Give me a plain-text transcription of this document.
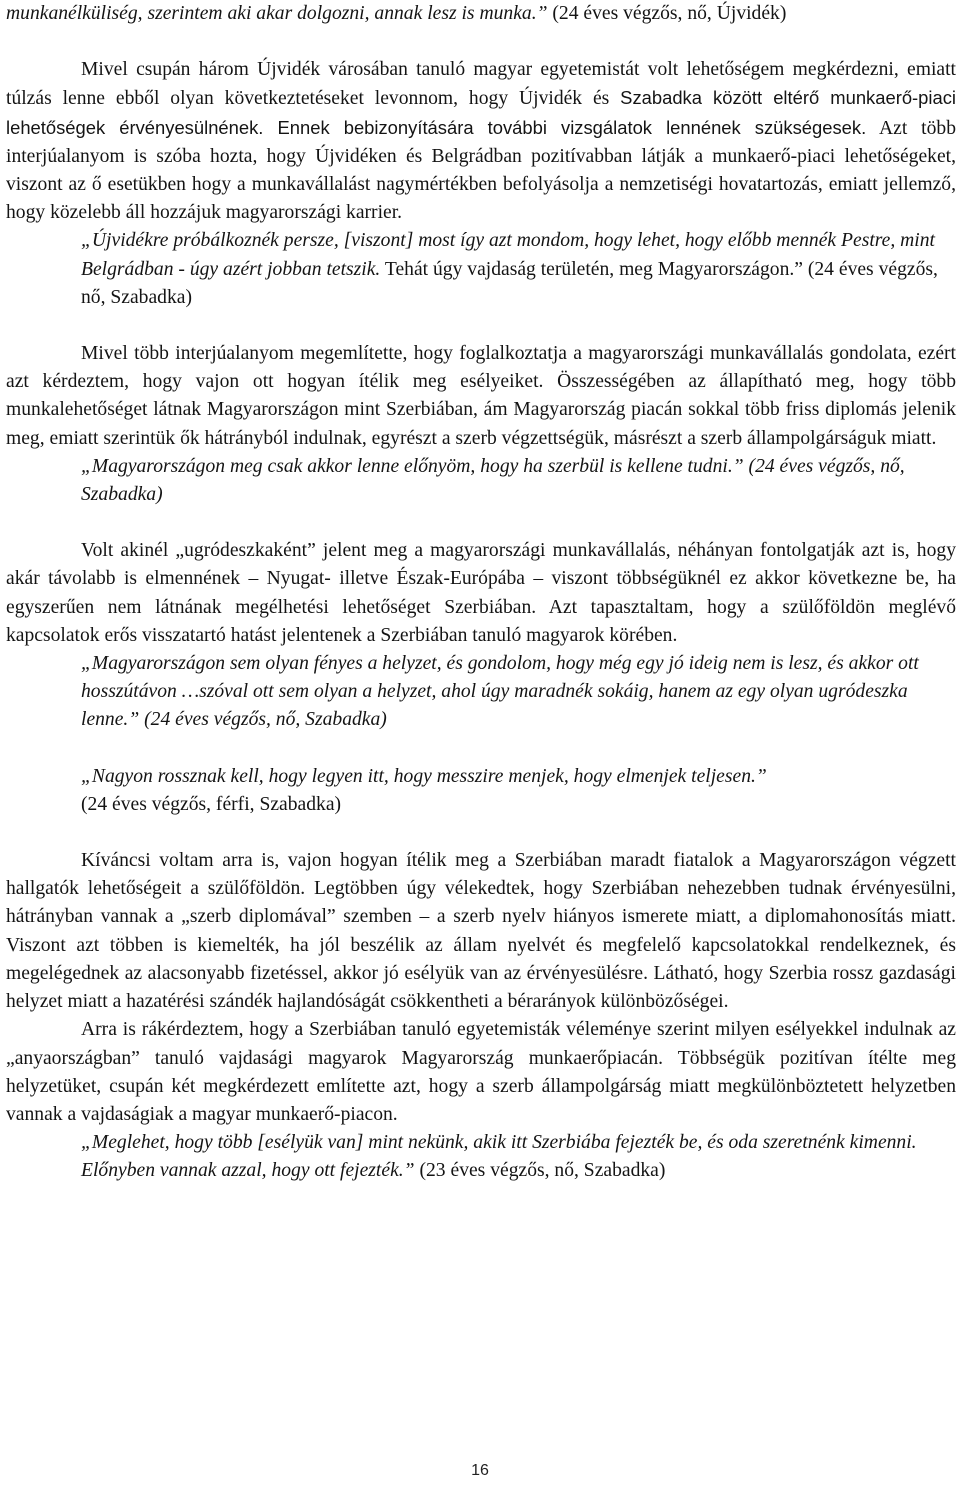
munkanélküliség, szerintem aki akar dolgozni, annak lesz is munka.” (24 éves végzős, nő, Újvidék)

Mivel csupán három Újvidék városában tanuló magyar egyetemistát volt lehetőségem megkérdezni, emiatt túlzás lenne ebből olyan következtetéseket levonnom, hogy Újvidék és Szabadka között eltérő munkaerő-piaci lehetőségek érvényesülnének. Ennek bebizonyítására további vizsgálatok lennének szükségesek. Azt több interjúalanyom is szóba hozta, hogy Újvidéken és Belgrádban pozitívabban látják a munkaerő-piaci lehetőségeket, viszont az ő esetükben hogy a munkavállalást nagymértékben befolyásolja a nemzetiségi hovatartozás, emiatt jellemző, hogy közelebb áll hozzájuk magyarországi karrier.

„Újvidékre próbálkoznék persze, [viszont] most így azt mondom, hogy lehet, hogy előbb mennék Pestre, mint Belgrádban - úgy azért jobban tetszik. Tehát úgy vajdaság területén, meg Magyarországon.” (24 éves végzős, nő, Szabadka)

Mivel több interjúalanyom megemlítette, hogy foglalkoztatja a magyarországi munkavállalás gondolata, ezért azt kérdeztem, hogy vajon ott hogyan ítélik meg esélyeiket. Összességében az állapítható meg, hogy több munkalehetőséget látnak Magyarországon mint Szerbiában, ám Magyarország piacán sokkal több friss diplomás jelenik meg, emiatt szerintük ők hátrányból indulnak, egyrészt a szerb végzettségük, másrészt a szerb állampolgárságuk miatt.

„Magyarországon meg csak akkor lenne előnyöm, hogy ha szerbül is kellene tudni.” (24 éves végzős, nő, Szabadka)

Volt akinél „ugródeszkaként” jelent meg a magyarországi munkavállalás, néhányan fontolgatják azt is, hogy akár távolabb is elmennének – Nyugat- illetve Észak-Európába – viszont többségüknél ez akkor következne be, ha egyszerűen nem látnának megélhetési lehetőséget Szerbiában. Azt tapasztaltam, hogy a szülőföldön meglévő kapcsolatok erős visszatartó hatást jelentenek a Szerbiában tanuló magyarok körében.

„Magyarországon sem olyan fényes a helyzet, és gondolom, hogy még egy jó ideig nem is lesz, és akkor ott hosszútávon …szóval ott sem olyan a helyzet, ahol úgy maradnék sokáig, hanem az egy olyan ugródeszka lenne.” (24 éves végzős, nő, Szabadka)

„Nagyon rossznak kell, hogy legyen itt, hogy messzire menjek, hogy elmenjek teljesen.”
(24 éves végzős, férfi, Szabadka)

Kíváncsi voltam arra is, vajon hogyan ítélik meg a Szerbiában maradt fiatalok a Magyarországon végzett hallgatók lehetőségeit a szülőföldön. Legtöbben úgy vélekedtek, hogy Szerbiában nehezebben tudnak érvényesülni, hátrányban vannak a „szerb diplomával” szemben – a szerb nyelv hiányos ismerete miatt, a diplomahonosítás miatt. Viszont azt többen is kiemelték, ha jól beszélik az állam nyelvét és megfelelő kapcsolatokkal rendelkeznek, és megelégednek az alacsonyabb fizetéssel, akkor jó esélyük van az érvényesülésre. Látható, hogy Szerbia rossz gazdasági helyzet miatt a hazatérési szándék hajlandóságát csökkentheti a bérarányok különbözőségei.

Arra is rákérdeztem, hogy a Szerbiában tanuló egyetemisták véleménye szerint milyen esélyekkel indulnak az „anyaországban” tanuló vajdasági magyarok Magyarország munkaerőpiacán. Többségük pozitívan ítélte meg helyzetüket, csupán két megkérdezett említette azt, hogy a szerb állampolgárság miatt megkülönböztetett helyzetben vannak a vajdaságiak a magyar munkaerő-piacon.

„Meglehet, hogy több [esélyük van] mint nekünk, akik itt Szerbiába fejezték be, és oda szeretnénk kimenni. Előnyben vannak azzal, hogy ott fejezték.” (23 éves végzős, nő, Szabadka)

16
